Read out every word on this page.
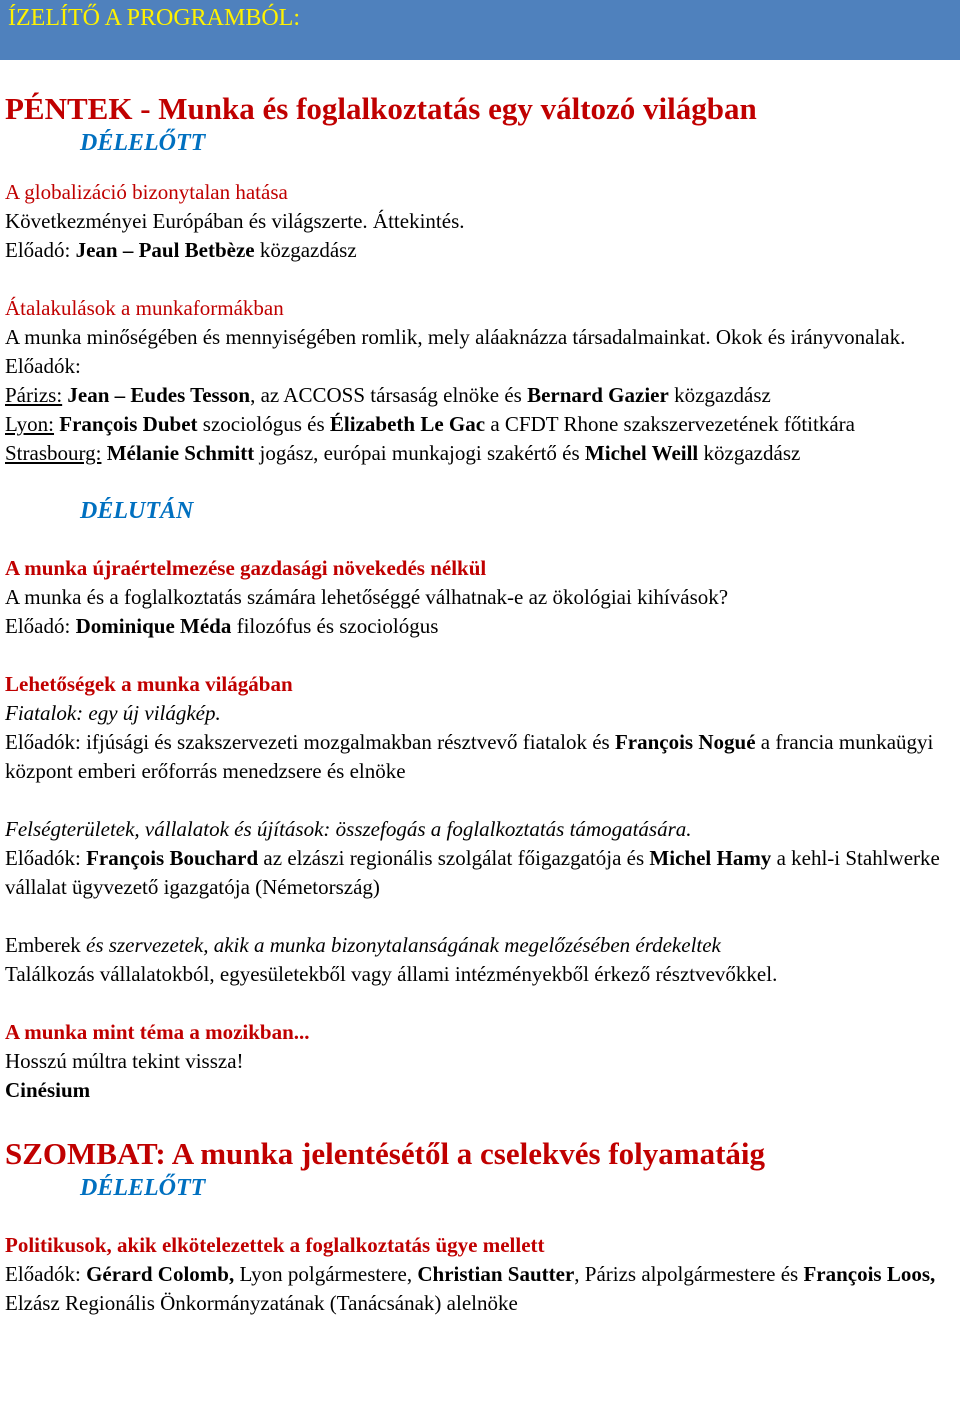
ÍZELÍTŐ A PROGRAMBÓL:
PÉNTEK - Munka és foglalkoztatás egy változó világban

DÉLELŐTT

A globalizáció bizonytalan hatása

Következményei Európában és világszerte. Áttekintés.

Előadó: Jean – Paul Betbèze közgazdász

Átalakulások a munkaformákban

A munka minőségében és mennyiségében romlik, mely aláaknázza társadalmainkat. Okok és irányvonalak.

Előadók:

Párizs: Jean – Eudes Tesson, az ACCOSS társaság elnöke és Bernard Gazier közgazdász

Lyon: François Dubet szociológus és Élizabeth Le Gac a CFDT Rhone szakszervezetének főtitkára

Strasbourg: Mélanie Schmitt jogász, európai munkajogi szakértő és Michel Weill közgazdász

DÉLUTÁN

A munka újraértelmezése gazdasági növekedés nélkül

A munka és a foglalkoztatás számára lehetőséggé válhatnak-e az ökológiai kihívások?

Előadó: Dominique Méda filozófus és szociológus

Lehetőségek a munka világában

Fiatalok: egy új világkép.

Előadók: ifjúsági és szakszervezeti mozgalmakban résztvevő fiatalok és François Nogué a francia munkaügyi központ emberi erőforrás menedzsere és elnöke

Felségterületek, vállalatok és újítások: összefogás a foglalkoztatás támogatására.

Előadók: François Bouchard az elzászi regionális szolgálat főigazgatója és Michel Hamy a kehl-i Stahlwerke vállalat ügyvezető igazgatója (Németország)

Emberek és szervezetek, akik a munka bizonytalanságának megelőzésében érdekeltek

Találkozás vállalatokból, egyesületekből vagy állami intézményekből érkező résztvevőkkel.

A munka mint téma a mozikban...

Hosszú múltra tekint vissza!

Cinésium

SZOMBAT: A munka jelentésétől a cselekvés folyamatáig

DÉLELŐTT

Politikusok, akik elkötelezettek a foglalkoztatás ügye mellett

Előadók: Gérard Colomb, Lyon polgármestere, Christian Sautter, Párizs alpolgármestere és François Loos, Elzász Regionális Önkormányzatának (Tanácsának) alelnöke
